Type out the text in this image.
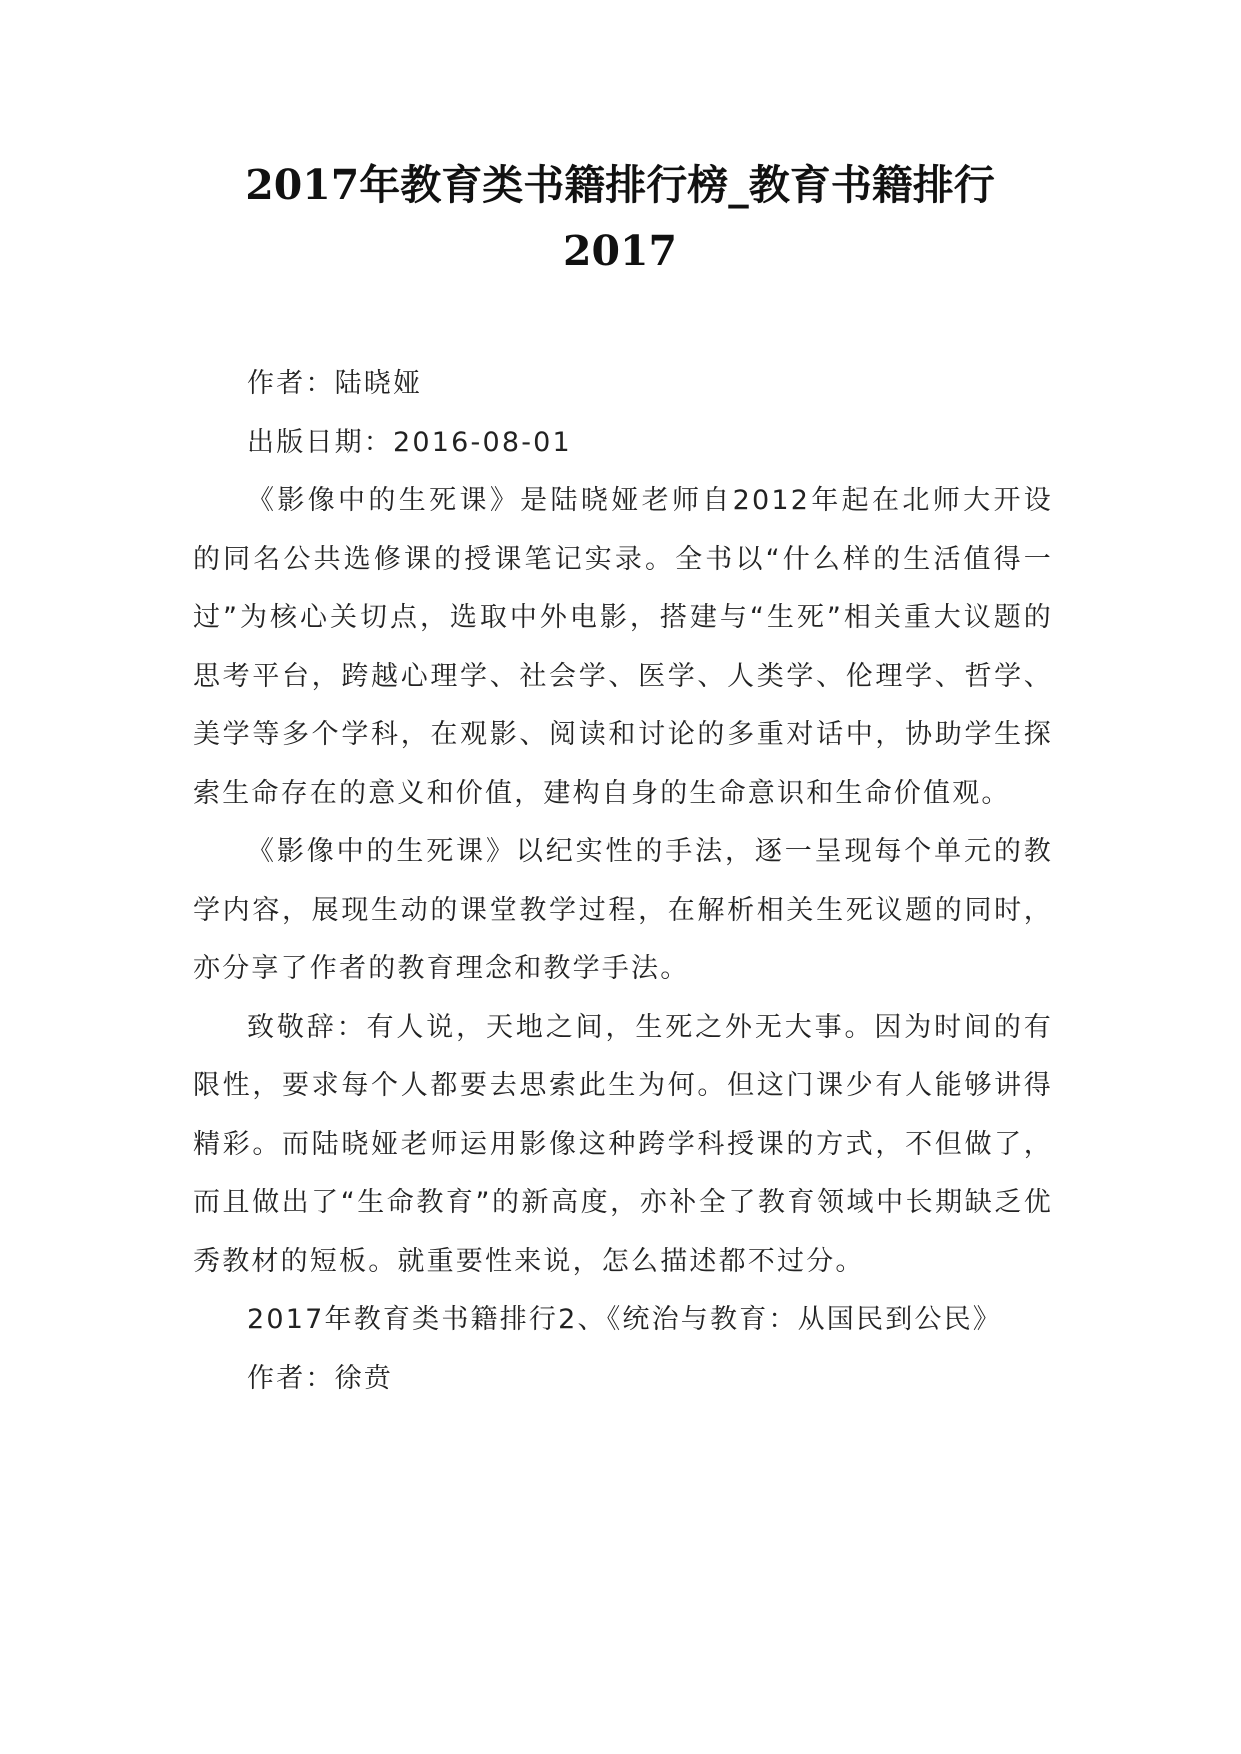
2017年教育类书籍排行榜_教育书籍排行
2017

作者：陆晓娅

出版日期：2016-08-01

《影像中的生死课》是陆晓娅老师自2012年起在北师大开设的同名公共选修课的授课笔记实录。全书以“什么样的生活值得一过”为核心关切点，选取中外电影，搭建与“生死”相关重大议题的思考平台，跨越心理学、社会学、医学、人类学、伦理学、哲学、美学等多个学科，在观影、阅读和讨论的多重对话中，协助学生探索生命存在的意义和价值，建构自身的生命意识和生命价值观。

《影像中的生死课》以纪实性的手法，逐一呈现每个单元的教学内容，展现生动的课堂教学过程，在解析相关生死议题的同时，亦分享了作者的教育理念和教学手法。

致敬辞：有人说，天地之间，生死之外无大事。因为时间的有限性，要求每个人都要去思索此生为何。但这门课少有人能够讲得精彩。而陆晓娅老师运用影像这种跨学科授课的方式，不但做了，而且做出了“生命教育”的新高度，亦补全了教育领域中长期缺乏优秀教材的短板。就重要性来说，怎么描述都不过分。

2017年教育类书籍排行2、《统治与教育：从国民到公民》

作者：徐贲
